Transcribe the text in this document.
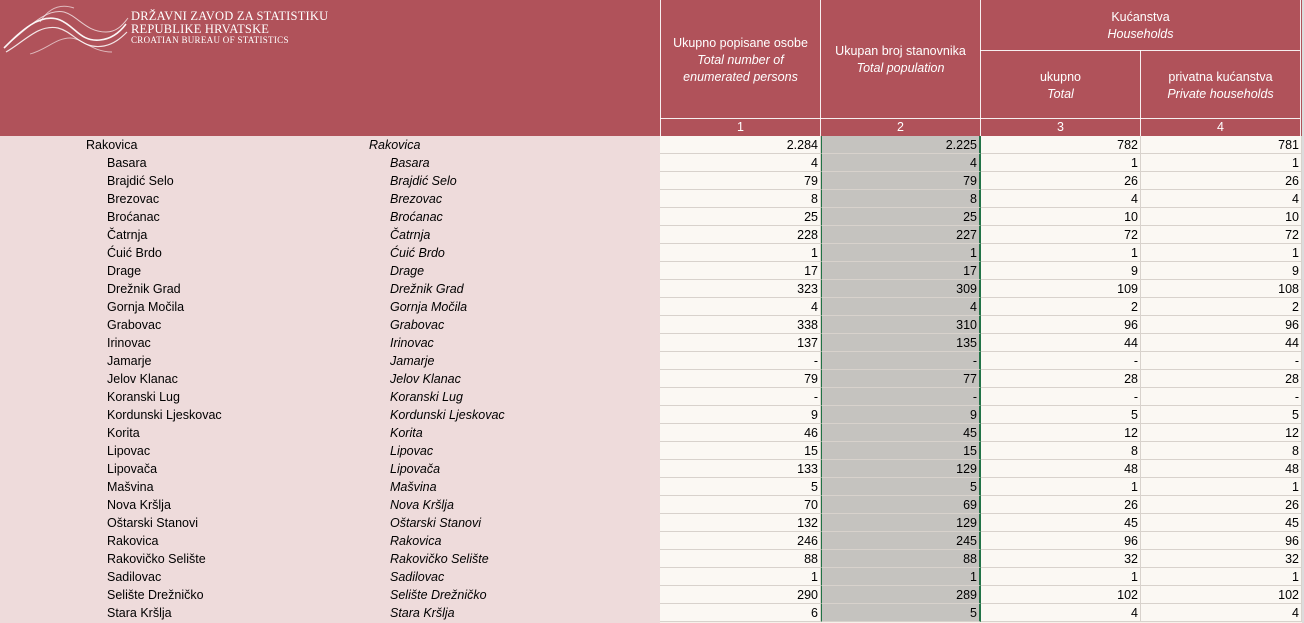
DRŽAVNI ZAVOD ZA STATISTIKU
REPUBLIKE HRVATSKE
CROATIAN BUREAU OF STATISTICS	Ukupno popisane osobe
Total number of
enumerated persons
Ukupan broj stanovnika
Total population
Kućanstva
Households
ukupno
Total
privatna kućanstva
Private households
1	2	3	4
Rakovica	Rakovica	2.284	2.225	782	781
Basara	Basara	4	4	1	1
Brajdić Selo	Brajdić Selo	79	79	26	26
Brezovac	Brezovac	8	8	4	4
Broćanac	Broćanac	25	25	10	10
Čatrnja	Čatrnja	228	227	72	72
Ćuić Brdo	Ćuić Brdo	1	1	1	1
Drage	Drage	17	17	9	9
Drežnik Grad	Drežnik Grad	323	309	109	108
Gornja Močila	Gornja Močila	4	4	2	2
Grabovac	Grabovac	338	310	96	96
Irinovac	Irinovac	137	135	44	44
Jamarje	Jamarje	-	-	-	-
Jelov Klanac	Jelov Klanac	79	77	28	28
Koranski Lug	Koranski Lug	-	-	-	-
Kordunski Ljeskovac	Kordunski Ljeskovac	9	9	5	5
Korita	Korita	46	45	12	12
Lipovac	Lipovac	15	15	8	8
Lipovača	Lipovača	133	129	48	48
Mašvina	Mašvina	5	5	1	1
Nova Kršlja	Nova Kršlja	70	69	26	26
Oštarski Stanovi	Oštarski Stanovi	132	129	45	45
Rakovica	Rakovica	246	245	96	96
Rakovičko Selište	Rakovičko Selište	88	88	32	32
Sadilovac	Sadilovac	1	1	1	1
Selište Drežničko	Selište Drežničko	290	289	102	102
Stara Kršlja	Stara Kršlja	6	5	4	4
